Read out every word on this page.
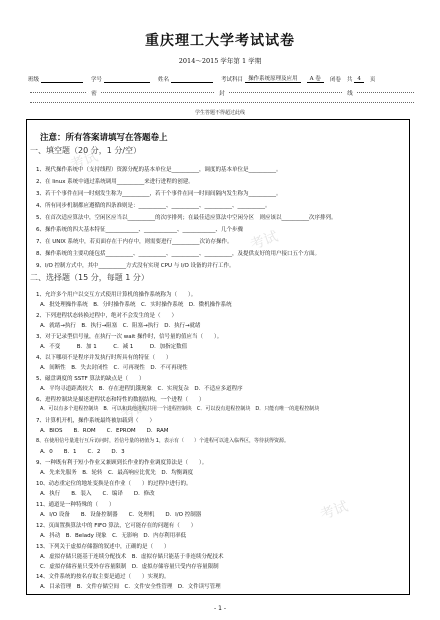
考试
考试
考试
考试
重庆理工大学考试试卷
2014～2015 学年第 1 学期
班级	学号	姓名	考试科目 操作系统原理及应用	A 卷	闭卷 共 4	页
密	封	线
学生答题不得超过此线
注意：所有答案请填写在答题卷上
一、填空题（20 分，1 分/空）
1、现代操作系统中（支持线程）资源分配的基本单位是__________，调度的基本单位是__________。
2、在 linux 系统中通过系统调用__________来进行进程的创建。
3、若干个事件在同一时刻发生称为__________，若干个事件在同一时间间隔内发生称为__________。
4、所有同步机制都应遵循的四条准则是：__________、__________、__________、__________。
5、在首次适应算法中，空闲区应当以__________的次序排列；在最佳适应算法中空闲分区　则应该以__________次序排列。
6、操作系统的四大基本特征____________、____________、____________、几个步骤
7、在 UNIX 系统中，若页面存在于内存中，则需要进行__________次访存操作。
8、操作系统的主要功能包括__________、__________、__________、__________，及提供友好的用户接口五个方面。
9、I/O 控制方式中，其中__________方式没有实现 CPU 与 I/O 设备的并行工作。
二、选择题（15 分，每题 1 分）
1、允许多个用户以交互方式使用计算机的操作系统称为（　　）。
A．批处理操作系统　B．分时操作系统　C．实时操作系统　D．微机操作系统
2、下列进程状态转换过程中，绝对不会发生的是（　　）
A．就绪→执行　B．执行→阻塞　C．阻塞→执行　D．执行→就绪
3、对于记录型信号量，在执行一次 wait 操作时，信号量的值应当（　　）。
A．不变　　　B．加 1　　　C．减 1　　　D．加指定数值
4、以下哪项不是程序并发执行时所具有的特征（　　）
A．间断性　B．失去封闭性　C．可再现性　D．不可再现性
5、磁盘调度的 SSTF 算法的缺点是（　　）
A．平均寻道距离较大　B．存在进程饥饿现象　C．实现复杂　D．不适应多道程序
6、进程控制块是描述进程状态和特性的数据结构，一个进程（　　）
A．可以有多个进程控制块　B．可以和其他进程共用一个进程控制块　C．可以没有进程控制块　D．只能有唯一的进程控制块
7、计算机开机，操作系统最终被加载到（　　）
A．BIOS　　B．ROM　　C．EPROM　　D．RAM
8、在使用信号量进行互斥访问时，若信号量的初值为 1，表示有（　　）个进程可以进入临界区，等待获得资源。
A．0　　B．1　　C．2　　D．3
9、一种既有利于短小作业又兼顾到长作业的作业调度算法是（　　）。
A．先来先服务　B．轮转　C．最高响应比优先　D．均衡调度
10、动态重定位的地址变换是在作业（　　）的过程中进行的。
A．执行　　B．装入　　C．编译　　D．修改
11、通道是一种特殊的（　　）
A．I/O 设备　　B．设备控制器　　C．处理机　　D．I/O 控制器
12、页面置换算法中的 FIFO 算法，它可能存在的问题有（　　）
A．抖动　B．Belady 现象　C．无影响　D．内存利用率低
13、下列关于虚拟存储器的叙述中，正确的是（　　）
A．虚拟存储只能基于连续分配技术　B．虚拟存储只能基于非连续分配技术
C．虚拟存储容量只受外存容量限制　D．虚拟存储容量只受内存容量限制
14、文件系统的按名存取主要是通过（　　）实现的。
A．目录管理　B．文件存储空间　C．文件安全性管理　D．文件读写管理
- 1 -
